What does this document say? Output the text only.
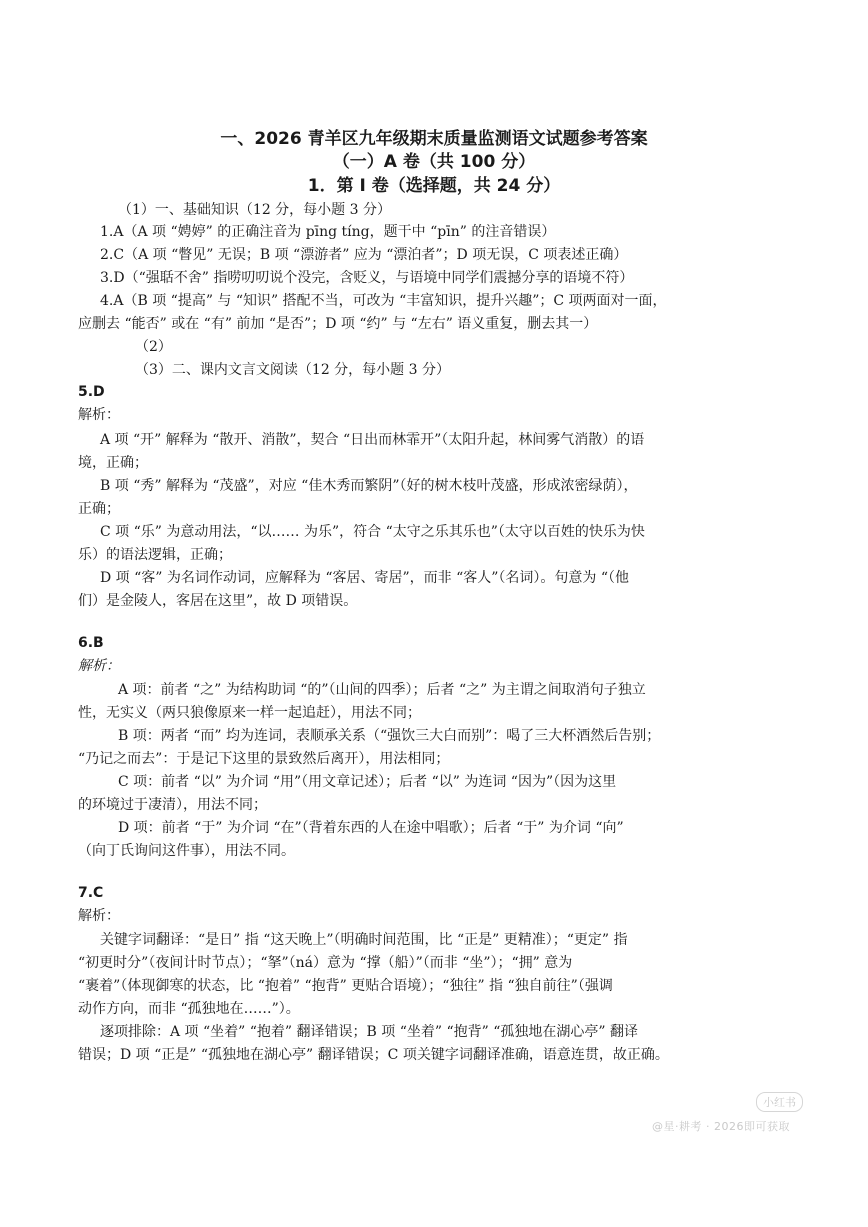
一、2026 青羊区九年级期末质量监测语文试题参考答案
（一）A 卷（共 100 分）
1．第 Ⅰ 卷（选择题，共 24 分）
（1）一、基础知识（12 分，每小题 3 分）
1.A（A 项 “娉婷” 的正确注音为 pīng tíng，题干中 “pīn” 的注音错误）
2.C（A 项 “瞥见” 无误；B 项 “漂游者” 应为 “漂泊者”；D 项无误，C 项表述正确）
3.D（“强聒不舍” 指唠叨叨说个没完，含贬义，与语境中同学们震撼分享的语境不符）
4.A（B 项 “提高” 与 “知识” 搭配不当，可改为 “丰富知识，提升兴趣”；C 项两面对一面，
应删去 “能否” 或在 “有” 前加 “是否”；D 项 “约” 与 “左右” 语义重复，删去其一）
（2）
（3）二、课内文言文阅读（12 分，每小题 3 分）
5.D
解析：
A 项 “开” 解释为 “散开、消散”，契合 “日出而林霏开”（太阳升起，林间雾气消散）的语
境，正确；
B 项 “秀” 解释为 “茂盛”，对应 “佳木秀而繁阴”（好的树木枝叶茂盛，形成浓密绿荫），
正确；
C 项 “乐” 为意动用法，“以…… 为乐”，符合 “太守之乐其乐也”（太守以百姓的快乐为快
乐）的语法逻辑，正确；
D 项 “客” 为名词作动词，应解释为 “客居、寄居”，而非 “客人”（名词）。句意为 “（他
们）是金陵人，客居在这里”，故 D 项错误。
6.B
解析：
A 项：前者 “之” 为结构助词 “的”（山间的四季）；后者 “之” 为主谓之间取消句子独立
性，无实义（两只狼像原来一样一起追赶），用法不同；
B 项：两者 “而” 均为连词，表顺承关系（“强饮三大白而别”：喝了三大杯酒然后告别；
“乃记之而去”：于是记下这里的景致然后离开），用法相同；
C 项：前者 “以” 为介词 “用”（用文章记述）；后者 “以” 为连词 “因为”（因为这里
的环境过于凄清），用法不同；
D 项：前者 “于” 为介词 “在”（背着东西的人在途中唱歌）；后者 “于” 为介词 “向”
（向丁氏询问这件事），用法不同。
7.C
解析：
关键字词翻译：“是日” 指 “这天晚上”（明确时间范围，比 “正是” 更精准）；“更定” 指
“初更时分”（夜间计时节点）；“拏”（ná）意为 “撑（船）”（而非 “坐”）；“拥” 意为
“裹着”（体现御寒的状态，比 “抱着” “抱背” 更贴合语境）；“独往” 指 “独自前往”（强调
动作方向，而非 “孤独地在……”）。
逐项排除：A 项 “坐着” “抱着” 翻译错误；B 项 “坐着” “抱背” “孤独地在湖心亭” 翻译
错误；D 项 “正是” “孤独地在湖心亭” 翻译错误；C 项关键字词翻译准确，语意连贯，故正确。
小红书
@星·耕考 · 2026即可获取
